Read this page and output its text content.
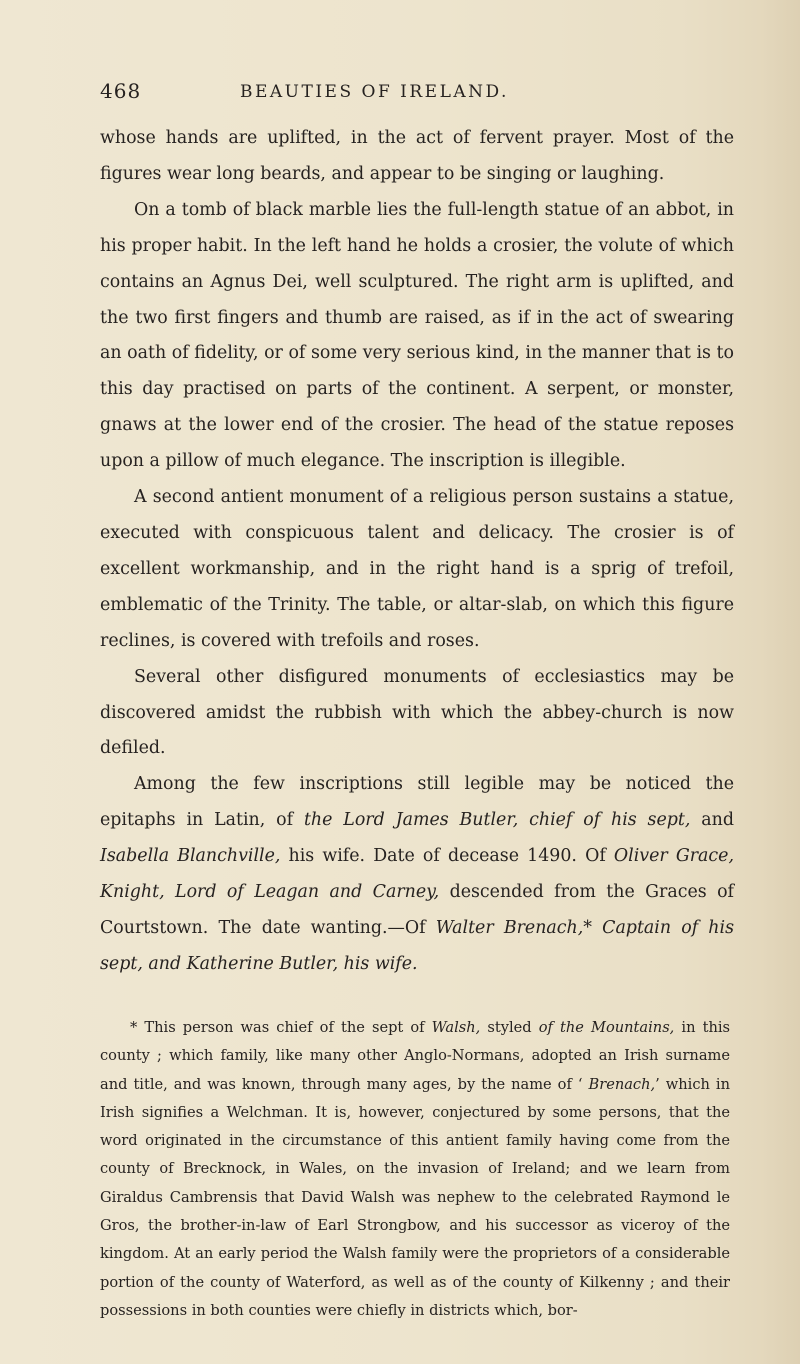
468	BEAUTIES OF IRELAND.

whose hands are uplifted, in the act of fervent prayer. Most of the figures wear long beards, and appear to be singing or laughing.

On a tomb of black marble lies the full-length statue of an abbot, in his proper habit. In the left hand he holds a crosier, the volute of which contains an Agnus Dei, well sculptured. The right arm is uplifted, and the two first fingers and thumb are raised, as if in the act of swearing an oath of fidelity, or of some very serious kind, in the manner that is to this day practised on parts of the continent. A serpent, or monster, gnaws at the lower end of the crosier. The head of the statue reposes upon a pillow of much elegance. The inscription is illegible.

A second antient monument of a religious person sustains a statue, executed with conspicuous talent and delicacy. The crosier is of excellent workmanship, and in the right hand is a sprig of trefoil, emblematic of the Trinity. The table, or altar-slab, on which this figure reclines, is covered with trefoils and roses.

Several other disfigured monuments of ecclesiastics may be discovered amidst the rubbish with which the abbey-church is now defiled.

Among the few inscriptions still legible may be noticed the epitaphs in Latin, of the Lord James Butler, chief of his sept, and Isabella Blanchville, his wife. Date of decease 1490. Of Oliver Grace, Knight, Lord of Leagan and Carney, descended from the Graces of Courtstown. The date wanting.—Of Walter Brenach,* Captain of his sept, and Katherine Butler, his wife.

* This person was chief of the sept of Walsh, styled of the Mountains, in this county ; which family, like many other Anglo-Normans, adopted an Irish surname and title, and was known, through many ages, by the name of ‘ Brenach,’ which in Irish signifies a Welchman. It is, however, conjectured by some persons, that the word originated in the circumstance of this antient family having come from the county of Brecknock, in Wales, on the invasion of Ireland; and we learn from Giraldus Cambrensis that David Walsh was nephew to the celebrated Raymond le Gros, the brother-in-law of Earl Strongbow, and his successor as viceroy of the kingdom. At an early period the Walsh family were the proprietors of a considerable portion of the county of Waterford, as well as of the county of Kilkenny ; and their possessions in both counties were chiefly in districts which, bor-
